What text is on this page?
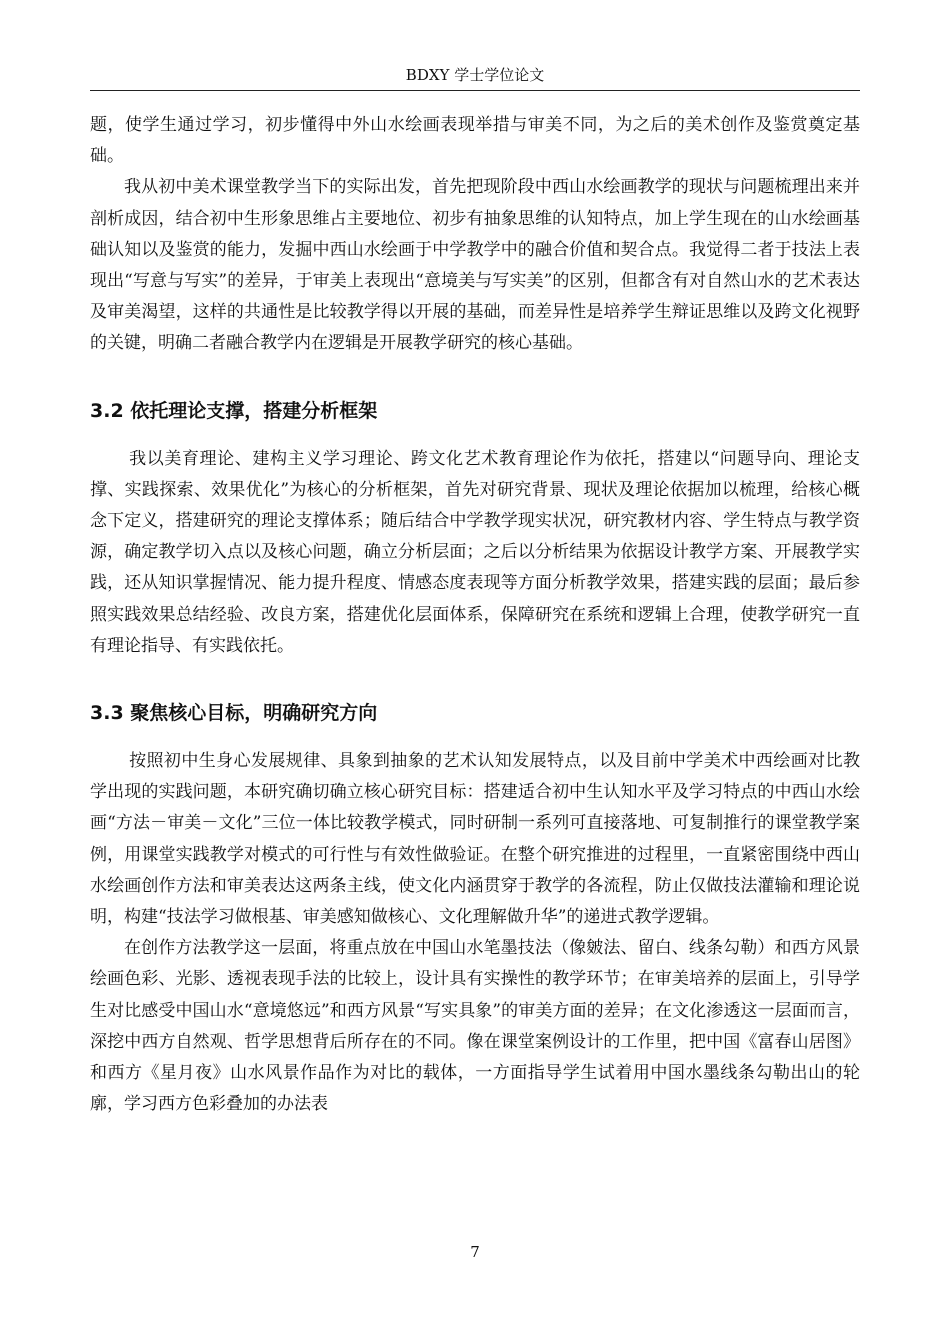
BDXY 学士学位论文

题，使学生通过学习，初步懂得中外山水绘画表现举措与审美不同，为之后的美术创作及鉴赏奠定基础。

我从初中美术课堂教学当下的实际出发，首先把现阶段中西山水绘画教学的现状与问题梳理出来并剖析成因，结合初中生形象思维占主要地位、初步有抽象思维的认知特点，加上学生现在的山水绘画基础认知以及鉴赏的能力，发掘中西山水绘画于中学教学中的融合价值和契合点。我觉得二者于技法上表现出“写意与写实”的差异，于审美上表现出“意境美与写实美”的区别，但都含有对自然山水的艺术表达及审美渴望，这样的共通性是比较教学得以开展的基础，而差异性是培养学生辩证思维以及跨文化视野的关键，明确二者融合教学内在逻辑是开展教学研究的核心基础。

3.2 依托理论支撑，搭建分析框架

我以美育理论、建构主义学习理论、跨文化艺术教育理论作为依托，搭建以“问题导向、理论支撑、实践探索、效果优化”为核心的分析框架，首先对研究背景、现状及理论依据加以梳理，给核心概念下定义，搭建研究的理论支撑体系；随后结合中学教学现实状况，研究教材内容、学生特点与教学资源，确定教学切入点以及核心问题，确立分析层面；之后以分析结果为依据设计教学方案、开展教学实践，还从知识掌握情况、能力提升程度、情感态度表现等方面分析教学效果，搭建实践的层面；最后参照实践效果总结经验、改良方案，搭建优化层面体系，保障研究在系统和逻辑上合理，使教学研究一直有理论指导、有实践依托。

3.3 聚焦核心目标，明确研究方向

按照初中生身心发展规律、具象到抽象的艺术认知发展特点，以及目前中学美术中西绘画对比教学出现的实践问题，本研究确切确立核心研究目标：搭建适合初中生认知水平及学习特点的中西山水绘画“方法－审美－文化”三位一体比较教学模式，同时研制一系列可直接落地、可复制推行的课堂教学案例，用课堂实践教学对模式的可行性与有效性做验证。在整个研究推进的过程里，一直紧密围绕中西山水绘画创作方法和审美表达这两条主线，使文化内涵贯穿于教学的各流程，防止仅做技法灌输和理论说明，构建“技法学习做根基、审美感知做核心、文化理解做升华”的递进式教学逻辑。

在创作方法教学这一层面，将重点放在中国山水笔墨技法（像皴法、留白、线条勾勒）和西方风景绘画色彩、光影、透视表现手法的比较上，设计具有实操性的教学环节；在审美培养的层面上，引导学生对比感受中国山水“意境悠远”和西方风景“写实具象”的审美方面的差异；在文化渗透这一层面而言，深挖中西方自然观、哲学思想背后所存在的不同。像在课堂案例设计的工作里，把中国《富春山居图》和西方《星月夜》山水风景作品作为对比的载体，一方面指导学生试着用中国水墨线条勾勒出山的轮廓，学习西方色彩叠加的办法表

7
